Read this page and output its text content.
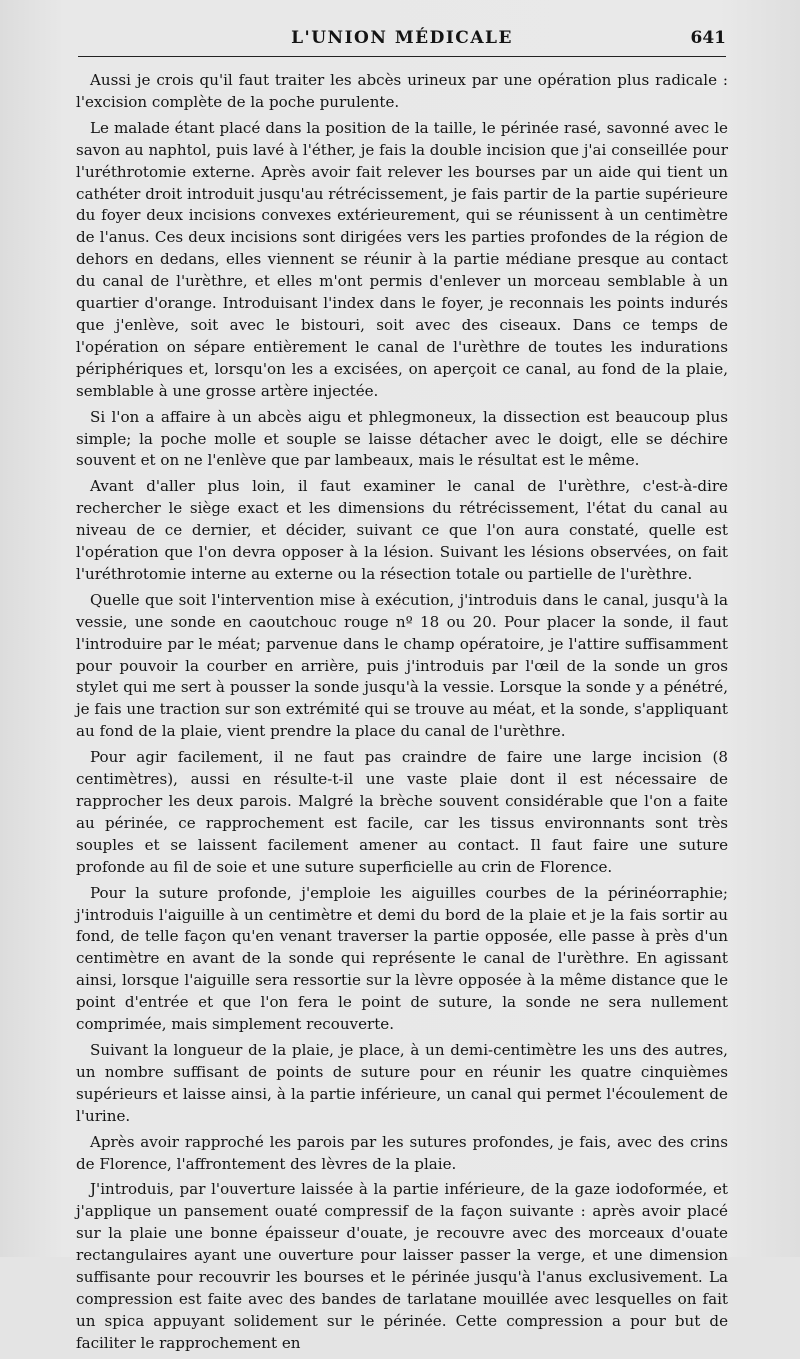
L'UNION MÉDICALE	641

Aussi je crois qu'il faut traiter les abcès urineux par une opération plus radicale : l'excision complète de la poche purulente.

Le malade étant placé dans la position de la taille, le périnée rasé, savonné avec le savon au naphtol, puis lavé à l'éther, je fais la double incision que j'ai conseillée pour l'uréthrotomie externe. Après avoir fait relever les bourses par un aide qui tient un cathéter droit introduit jusqu'au rétrécissement, je fais partir de la partie supérieure du foyer deux incisions convexes extérieurement, qui se réunissent à un centimètre de l'anus. Ces deux incisions sont dirigées vers les parties profondes de la région de dehors en dedans, elles viennent se réunir à la partie médiane presque au contact du canal de l'urèthre, et elles m'ont permis d'enlever un morceau semblable à un quartier d'orange. Introduisant l'index dans le foyer, je reconnais les points indurés que j'enlève, soit avec le bistouri, soit avec des ciseaux. Dans ce temps de l'opération on sépare entièrement le canal de l'urèthre de toutes les indurations périphériques et, lorsqu'on les a excisées, on aperçoit ce canal, au fond de la plaie, semblable à une grosse artère injectée.

Si l'on a affaire à un abcès aigu et phlegmoneux, la dissection est beaucoup plus simple; la poche molle et souple se laisse détacher avec le doigt, elle se déchire souvent et on ne l'enlève que par lambeaux, mais le résultat est le même.

Avant d'aller plus loin, il faut examiner le canal de l'urèthre, c'est-à-dire rechercher le siège exact et les dimensions du rétrécissement, l'état du canal au niveau de ce dernier, et décider, suivant ce que l'on aura constaté, quelle est l'opération que l'on devra opposer à la lésion. Suivant les lésions observées, on fait l'uréthrotomie interne au externe ou la résection totale ou partielle de l'urèthre.

Quelle que soit l'intervention mise à exécution, j'introduis dans le canal, jusqu'à la vessie, une sonde en caoutchouc rouge nº 18 ou 20. Pour placer la sonde, il faut l'introduire par le méat; parvenue dans le champ opératoire, je l'attire suffisamment pour pouvoir la courber en arrière, puis j'introduis par l'œil de la sonde un gros stylet qui me sert à pousser la sonde jusqu'à la vessie. Lorsque la sonde y a pénétré, je fais une traction sur son extrémité qui se trouve au méat, et la sonde, s'appliquant au fond de la plaie, vient prendre la place du canal de l'urèthre.

Pour agir facilement, il ne faut pas craindre de faire une large incision (8 centimètres), aussi en résulte-t-il une vaste plaie dont il est nécessaire de rapprocher les deux parois. Malgré la brèche souvent considérable que l'on a faite au périnée, ce rapprochement est facile, car les tissus environnants sont très souples et se laissent facilement amener au contact. Il faut faire une suture profonde au fil de soie et une suture superficielle au crin de Florence.

Pour la suture profonde, j'emploie les aiguilles courbes de la périnéorraphie; j'introduis l'aiguille à un centimètre et demi du bord de la plaie et je la fais sortir au fond, de telle façon qu'en venant traverser la partie opposée, elle passe à près d'un centimètre en avant de la sonde qui représente le canal de l'urèthre. En agissant ainsi, lorsque l'aiguille sera ressortie sur la lèvre opposée à la même distance que le point d'entrée et que l'on fera le point de suture, la sonde ne sera nullement comprimée, mais simplement recouverte.

Suivant la longueur de la plaie, je place, à un demi-centimètre les uns des autres, un nombre suffisant de points de suture pour en réunir les quatre cinquièmes supérieurs et laisse ainsi, à la partie inférieure, un canal qui permet l'écoulement de l'urine.

Après avoir rapproché les parois par les sutures profondes, je fais, avec des crins de Florence, l'affrontement des lèvres de la plaie.

J'introduis, par l'ouverture laissée à la partie inférieure, de la gaze iodoformée, et j'applique un pansement ouaté compressif de la façon suivante : après avoir placé sur la plaie une bonne épaisseur d'ouate, je recouvre avec des morceaux d'ouate rectangulaires ayant une ouverture pour laisser passer la verge, et une dimension suffisante pour recouvrir les bourses et le périnée jusqu'à l'anus exclusivement. La compression est faite avec des bandes de tarlatane mouillée avec lesquelles on fait un spica appuyant solidement sur le périnée. Cette compression a pour but de faciliter le rapprochement en
